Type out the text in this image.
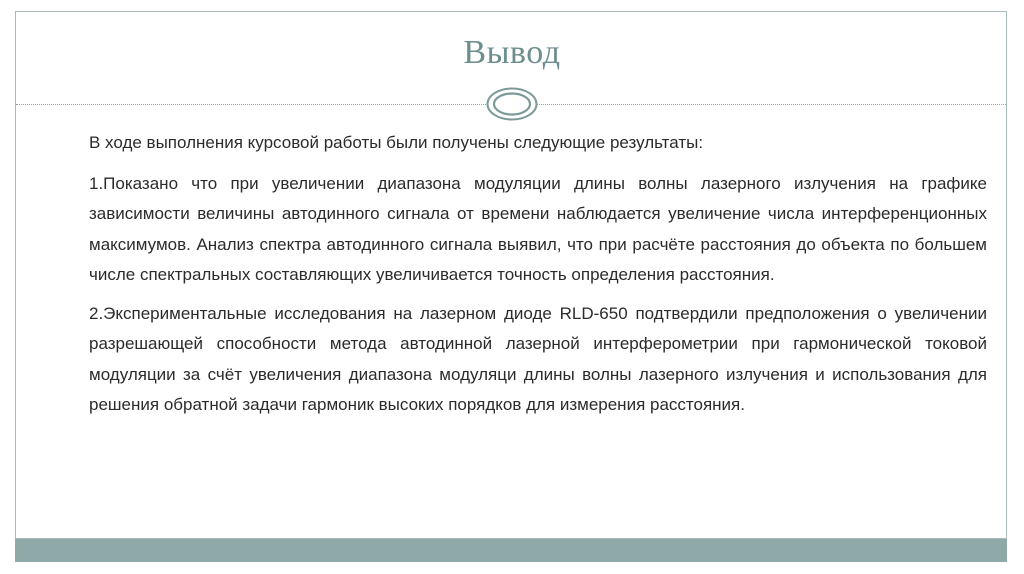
Вывод

В ходе выполнения курсовой работы были получены следующие результаты:

1.Показано что при увеличении диапазона модуляции длины волны лазерного излучения на графике зависимости величины автодинного сигнала от времени наблюдается увеличение числа интерференционных максимумов. Анализ спектра автодинного сигнала выявил, что при расчёте расстояния до объекта по большем числе спектральных составляющих увеличивается точность определения расстояния.

2.Экспериментальные исследования на лазерном диоде RLD-650 подтвердили предположения о увеличении разрешающей способности метода автодинной лазерной интерферометрии при гармонической токовой модуляции за счёт увеличения диапазона модуляци длины волны лазерного излучения и использования для решения обратной задачи гармоник высоких порядков для измерения расстояния.
